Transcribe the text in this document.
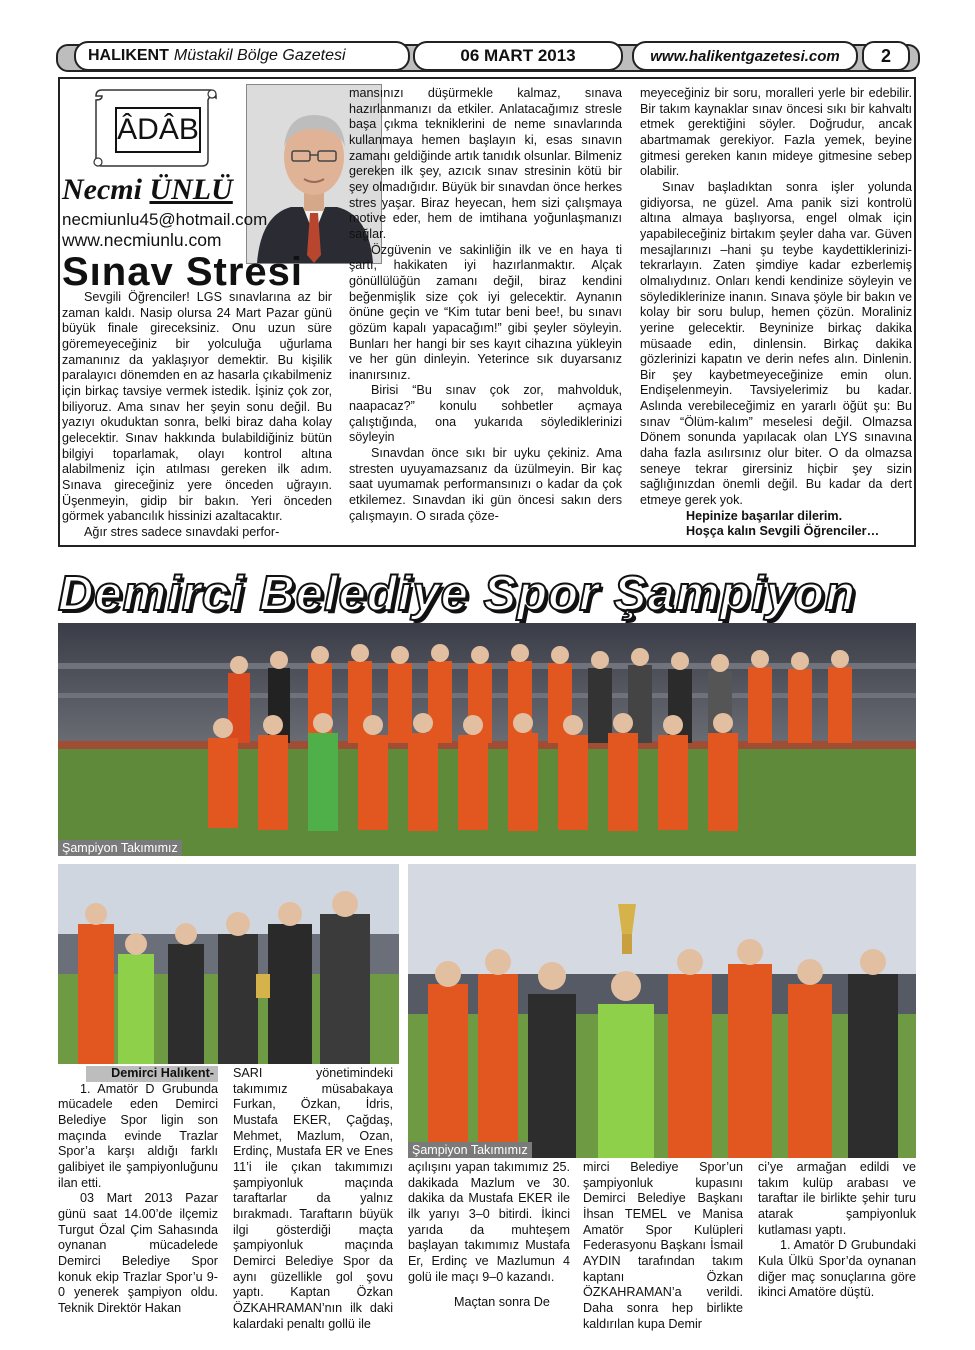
HALIKENT Müstakil Bölge Gazetesi	06 MART 2013	www.halikentgazetesi.com	2
ÂDÂB
Necmi ÜNLÜ
necmiunlu45@hotmail.com
www.necmiunlu.com
Sınav Stresi

Sevgili Öğrenciler! LGS sınavlarına az bir zaman kaldı. Nasip olursa 24 Mart Pazar günü büyük finale gireceksiniz. Onu uzun süre göremeyeceğiniz bir yolculuğa uğurlama zamanınız da yaklaşıyor demektir. Bu kişilik paralayıcı dönemden en az hasarla çıkabilmeniz için birkaç tavsiye vermek istedik. İşiniz çok zor, biliyoruz. Ama sınav her şeyin sonu değil. Bu yazıyı okuduktan sonra, belki biraz daha kolay gelecektir. Sınav hakkında bulabildiğiniz bütün bilgiyi toparlamak, olayı kontrol altına alabilmeniz için atılması gereken ilk adım. Sınava gireceğiniz yere önceden uğrayın. Üşenmeyin, gidip bir bakın. Yeri önceden görmek yabancılık hissinizi azaltacaktır.

Ağır stres sadece sınavdaki perfor-

mansınızı düşürmekle kalmaz, sınava hazırlanmanızı da etkiler. Anlatacağımız stresle başa çıkma tekniklerini de neme sınavlarında kullanmaya hemen başlayın ki, esas sınavın zamanı geldiğinde artık tanıdık olsunlar. Bilmeniz gereken ilk şey, azıcık sınav stresinin kötü bir şey olmadığıdır. Büyük bir sınavdan önce herkes stres yaşar. Biraz heyecan, hem sizi çalışmaya motive eder, hem de imtihana yoğunlaşmanızı sağlar.

Özgüvenin ve sakinliğin ilk ve en haya ti şartı, hakikaten iyi hazırlanmaktır. Alçak gönüllülüğün zamanı değil, biraz kendini beğenmişlik size çok iyi gelecektir. Aynanın önüne geçin ve “Kim tutar beni bee!, bu sınavı gözüm kapalı yapacağım!” gibi şeyler söyleyin. Bunları her hangi bir ses kayıt cihazına yükleyin ve her gün dinleyin. Yeterince sık duyarsanız inanırsınız.

Birisi “Bu sınav çok zor, mahvolduk, naapacaz?” konulu sohbetler açmaya çalıştığında, ona yukarıda söylediklerinizi söyleyin

Sınavdan önce sıkı bir uyku çekiniz. Ama stresten uyuyamazsanız da üzülmeyin. Bir kaç saat uyumamak performansınızı o kadar da çok etkilemez. Sınavdan iki gün öncesi sakın ders çalışmayın. O sırada çöze-

meyeceğiniz bir soru, moralleri yerle bir edebilir. Bir takım kaynaklar sınav öncesi sıkı bir kahvaltı etmek gerektiğini söyler. Doğrudur, ancak abartmamak gerekiyor. Fazla yemek, beyine gitmesi gereken kanın mideye gitmesine sebep olabilir.

Sınav başladıktan sonra işler yolunda gidiyorsa, ne güzel. Ama panik sizi kontrolü altına almaya başlıyorsa, engel olmak için yapabileceğiniz birtakım şeyler daha var. Güven mesajlarınızı –hani şu teybe kaydettiklerinizi- tekrarlayın. Zaten şimdiye kadar ezberlemiş olmalıydınız. Onları kendi kendinize söyleyin ve söylediklerinize inanın. Sınava şöyle bir bakın ve kolay bir soru bulup, hemen çözün. Moraliniz yerine gelecektir. Beyninize birkaç dakika müsaade edin, dinlensin. Birkaç dakika gözlerinizi kapatın ve derin nefes alın. Dinlenin. Bir şey kaybetmeyeceğinize emin olun. Endişelenmeyin. Tavsiyelerimiz bu kadar. Aslında verebileceğimiz en yararlı öğüt şu: Bu sınav “Ölüm-kalım” meselesi değil. Olmazsa Dönem sonunda yapılacak olan LYS sınavına daha fazla asılırsınız olur biter. O da olmazsa seneye tekrar girersiniz hiçbir şey sizin sağlığınızdan önemli değil. Bu kadar da dert etmeye gerek yok.

Hepinize başarılar dilerim.

Hoşça kalın Sevgili Öğrenciler…

Demirci Belediye Spor Şampiyon
Şampiyon Takımımız
Şampiyon Takımımız

Demirci Halıkent-

1. Amatör D Grubunda mücadele eden Demirci Belediye Spor ligin son maçında evinde Trazlar Spor’a karşı aldığı farklı galibiyet ile şampiyonluğunu ilan etti.

03 Mart 2013 Pazar günü saat 14.00’de ilçemiz Turgut Özal Çim Sahasında oynanan mücadelede Demirci Belediye Spor konuk ekip Trazlar Spor’u 9-0 yenerek şampiyon oldu. Teknik Direktör Hakan

SARI yönetimindeki takımımız müsabakaya Furkan, Özkan, İdris, Mustafa EKER, Çağdaş, Mehmet, Mazlum, Ozan, Erdinç, Mustafa ER ve Enes 11’i ile çıkan takımımızı şampiyonluk maçında taraftarlar da yalnız bırakmadı. Taraftarın büyük ilgi gösterdiği maçta şampiyonluk maçında Demirci Belediye Spor da aynı güzellikle gol şovu yaptı. Kaptan Özkan ÖZKAHRAMAN’nın ilk daki kalardaki penaltı gollü ile

açılışını yapan takımımız 25. dakikada Mazlum ve 30. dakika da Mustafa EKER ile ilk yarıyı 3–0 bitirdi. İkinci yarıda da muhteşem başlayan takımımız Mustafa Er, Erdinç ve Mazlumun 4 golü ile maçı 9–0 kazandı.

Maçtan sonra De

mirci Belediye Spor’un şampiyonluk kupasını Demirci Belediye Başkanı İhsan TEMEL ve Manisa Amatör Spor Kulüpleri Federasyonu Başkanı İsmail AYDIN tarafından takım kaptanı Özkan ÖZKAHRAMAN’a verildi. Daha sonra hep birlikte kaldırılan kupa Demir

ci’ye armağan edildi ve takım kulüp arabası ve taraftar ile birlikte şehir turu atarak şampiyonluk kutlaması yaptı.

1. Amatör D Grubundaki Kula Ülkü Spor’da oynanan diğer maç sonuçlarına göre ikinci Amatöre düştü.
